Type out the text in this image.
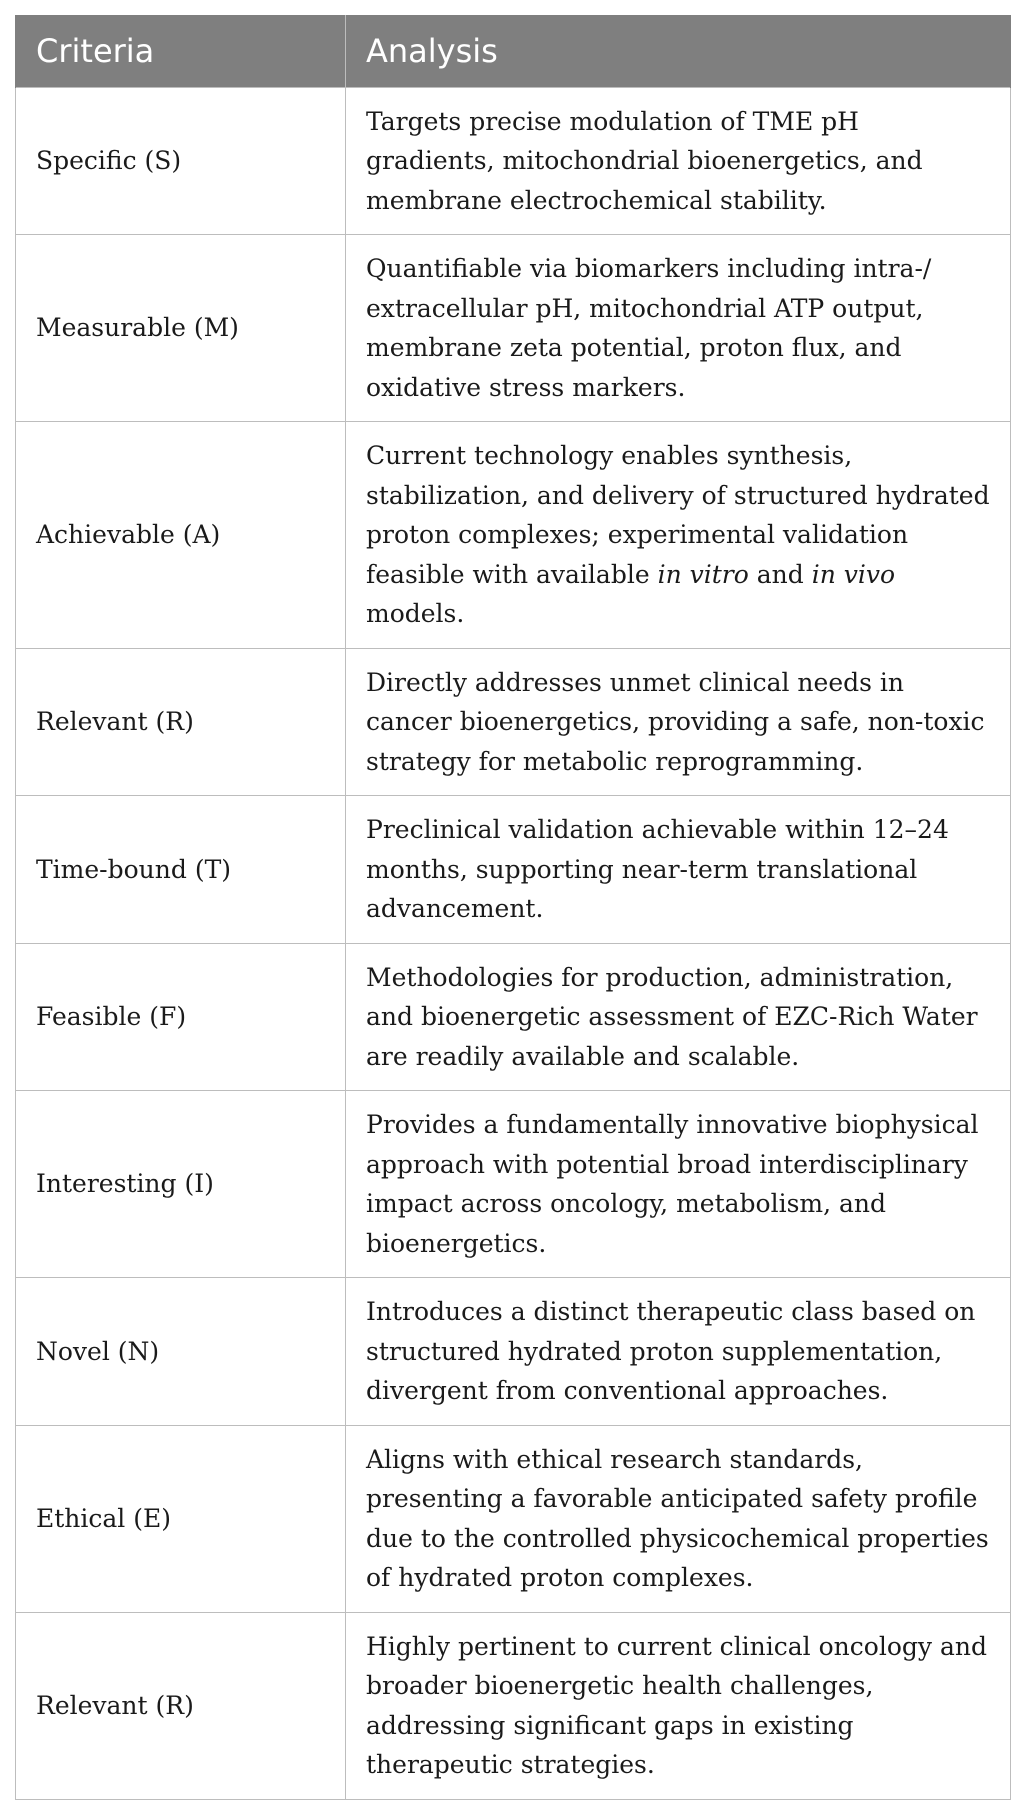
Criteria	Analysis
Specific (S)	Targets precise modulation of TME pH gradients, mitochondrial bioenergetics, and membrane electrochemical stability.
Measurable (M)	Quantifiable via biomarkers including intra-/ extracellular pH, mitochondrial ATP output, membrane zeta potential, proton flux, and oxidative stress markers.
Achievable (A)	Current technology enables synthesis, stabilization, and delivery of structured hydrated proton complexes; experimental validation feasible with available in vitro and in vivo models.
Relevant (R)	Directly addresses unmet clinical needs in cancer bioenergetics, providing a safe, non-toxic strategy for metabolic reprogramming.
Time-bound (T)	Preclinical validation achievable within 12–24 months, supporting near-term translational advancement.
Feasible (F)	Methodologies for production, administration, and bioenergetic assessment of EZC-Rich Water are readily available and scalable.
Interesting (I)	Provides a fundamentally innovative biophysical approach with potential broad interdisciplinary impact across oncology, metabolism, and bioenergetics.
Novel (N)	Introduces a distinct therapeutic class based on structured hydrated proton supplementation, divergent from conventional approaches.
Ethical (E)	Aligns with ethical research standards, presenting a favorable anticipated safety profile due to the controlled physicochemical properties of hydrated proton complexes.
Relevant (R)	Highly pertinent to current clinical oncology and broader bioenergetic health challenges, addressing significant gaps in existing therapeutic strategies.
